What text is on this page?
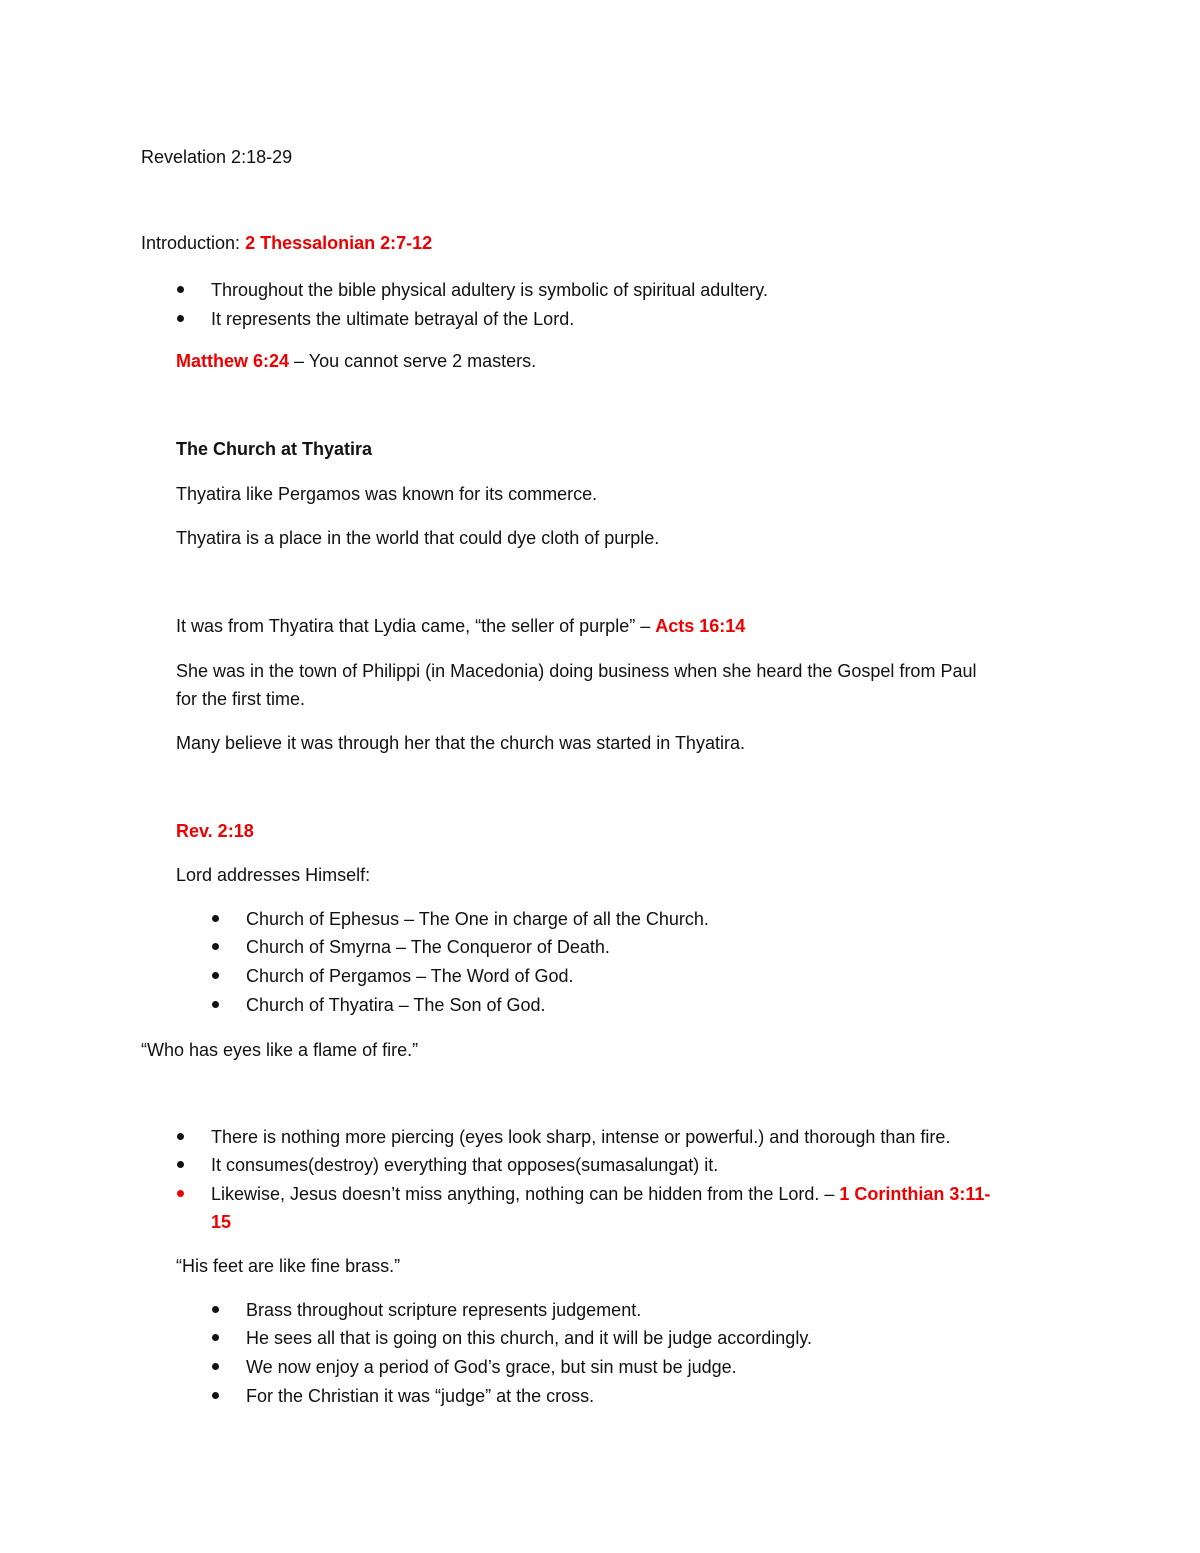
Revelation 2:18-29
Introduction: 2 Thessalonian 2:7-12
Throughout the bible physical adultery is symbolic of spiritual adultery.
It represents the ultimate betrayal of the Lord.
Matthew 6:24 – You cannot serve 2 masters.
The Church at Thyatira
Thyatira like Pergamos was known for its commerce.
Thyatira is a place in the world that could dye cloth of purple.
It was from Thyatira that Lydia came, “the seller of purple” – Acts 16:14
She was in the town of Philippi (in Macedonia) doing business when she heard the Gospel from Paul
for the first time.
Many believe it was through her that the church was started in Thyatira.
Rev. 2:18
Lord addresses Himself:
Church of Ephesus – The One in charge of all the Church.
Church of Smyrna – The Conqueror of Death.
Church of Pergamos – The Word of God.
Church of Thyatira – The Son of God.
“Who has eyes like a flame of fire.”
There is nothing more piercing (eyes look sharp, intense or powerful.) and thorough than fire.
It consumes(destroy) everything that opposes(sumasalungat) it.
Likewise, Jesus doesn’t miss anything, nothing can be hidden from the Lord. – 1 Corinthian 3:11-
15
“His feet are like fine brass.”
Brass throughout scripture represents judgement.
He sees all that is going on this church, and it will be judge accordingly.
We now enjoy a period of God’s grace, but sin must be judge.
For the Christian it was “judge” at the cross.
